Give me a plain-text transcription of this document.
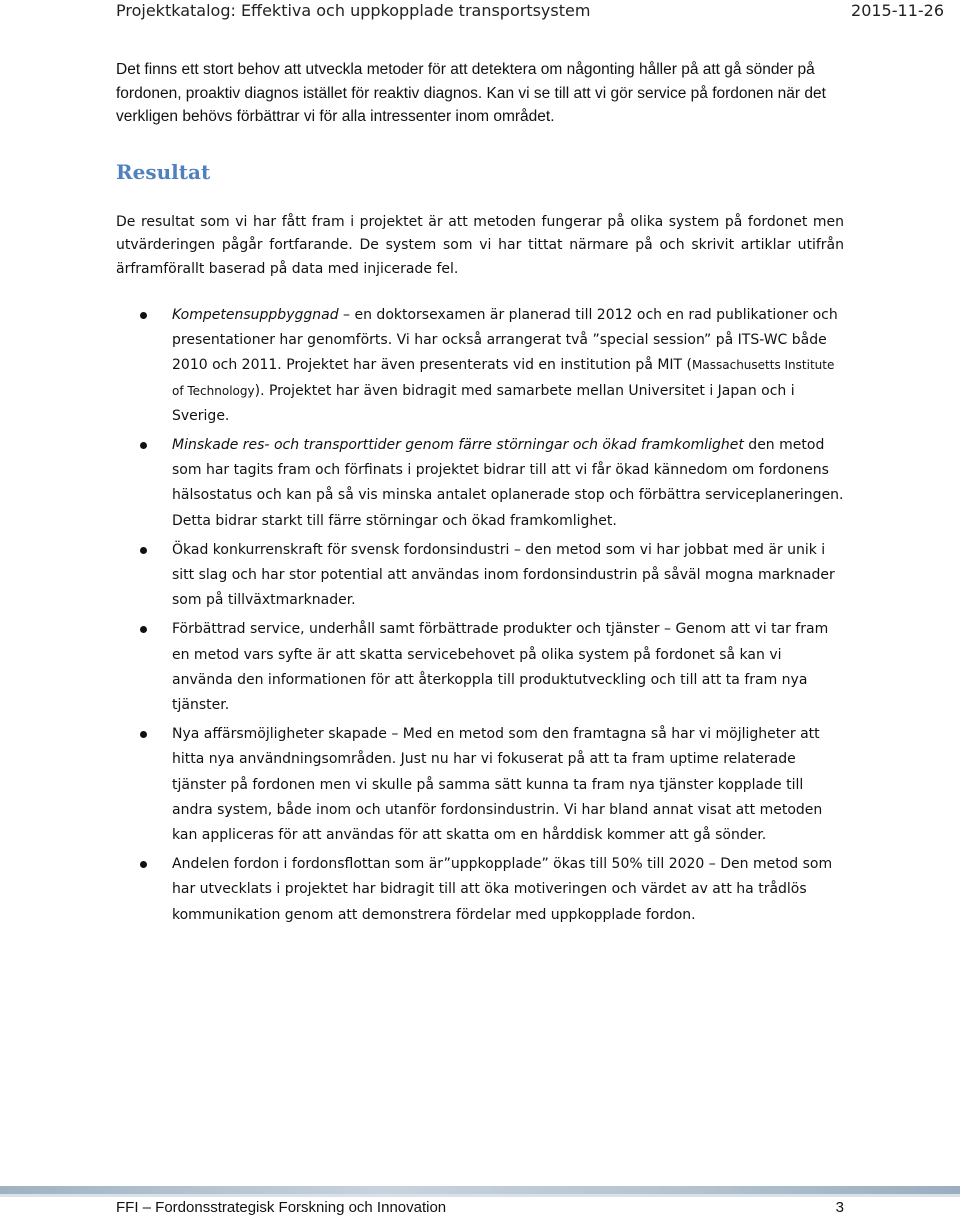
Projektkatalog: Effektiva och uppkopplade transportsystem	2015-11-26

Det finns ett stort behov att utveckla metoder för att detektera om någonting håller på att gå sönder på fordonen, proaktiv diagnos istället för reaktiv diagnos. Kan vi se till att vi gör service på fordonen när det verkligen behövs förbättrar vi för alla intressenter inom området.

Resultat

De resultat som vi har fått fram i projektet är att metoden fungerar på olika system på fordonet men utvärderingen pågår fortfarande. De system som vi har tittat närmare på och skrivit artiklar utifrån ärframförallt baserad på data med injicerade fel.

Kompetensuppbyggnad – en doktorsexamen är planerad till 2012 och en rad publikationer och presentationer har genomförts. Vi har också arrangerat två ”special session” på ITS-WC både 2010 och 2011. Projektet har även presenterats vid en institution på MIT (Massachusetts Institute of Technology). Projektet har även bidragit med samarbete mellan Universitet i Japan och i Sverige.
Minskade res- och transporttider genom färre störningar och ökad framkomlighet den metod som har tagits fram och förfinats i projektet bidrar till att vi får ökad kännedom om fordonens hälsostatus och kan på så vis minska antalet oplanerade stop och förbättra serviceplaneringen. Detta bidrar starkt till färre störningar och ökad framkomlighet.
Ökad konkurrenskraft för svensk fordonsindustri – den metod som vi har jobbat med är unik i sitt slag och har stor potential att användas inom fordonsindustrin på såväl mogna marknader som på tillväxtmarknader.
Förbättrad service, underhåll samt förbättrade produkter och tjänster – Genom att vi tar fram en metod vars syfte är att skatta servicebehovet på olika system på fordonet så kan vi använda den informationen för att återkoppla till produktutveckling och till att ta fram nya tjänster.
Nya affärsmöjligheter skapade – Med en metod som den framtagna så har vi möjligheter att hitta nya användningsområden. Just nu har vi fokuserat på att ta fram uptime relaterade tjänster på fordonen men vi skulle på samma sätt kunna ta fram nya tjänster kopplade till andra system, både inom och utanför fordonsindustrin. Vi har bland annat visat att metoden kan appliceras för att användas för att skatta om en hårddisk kommer att gå sönder.
Andelen fordon i fordonsflottan som är”uppkopplade” ökas till 50% till 2020 – Den metod som har utvecklats i projektet har bidragit till att öka motiveringen och värdet av att ha trådlös kommunikation genom att demonstrera fördelar med uppkopplade fordon.
FFI – Fordonsstrategisk Forskning och Innovation	3
